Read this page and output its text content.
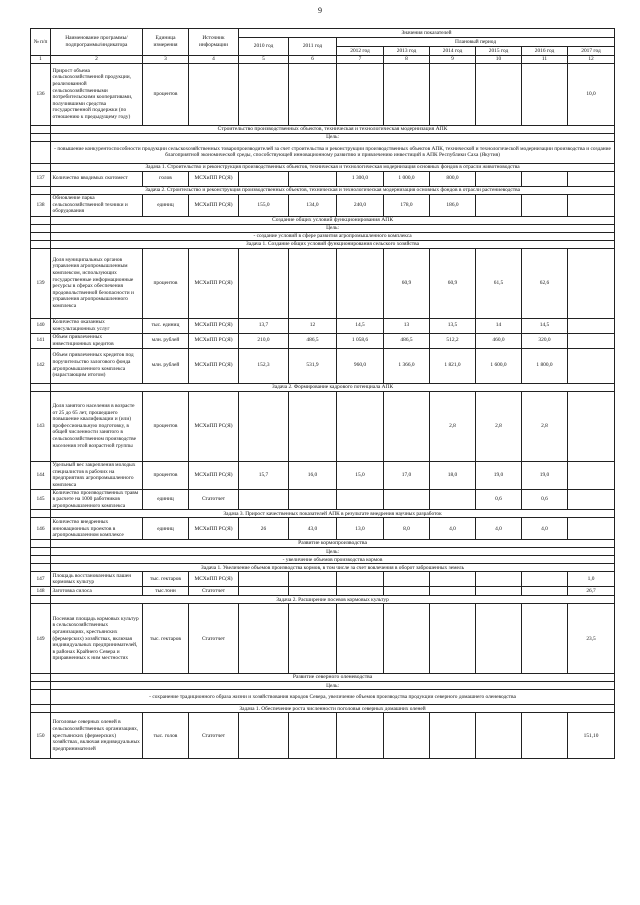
9
№ п/п	Наименование программы/подпрограммы/индикатора	Единица измерения	Источник информации	Значения показателей							
				2010 год	2011 год	Плановый период					
						2012 год	2013 год	2014 год	2015 год	2016 год	2017 год
1	2	3	4	5	6	7	8	9	10	11	12
136	Прирост объема сельскохозяйственной продукции, реализованной сельскохозяйственными потребительскими кооперативами, получившими средства государственной поддержки (по отношению к предыдущему году)	процентов									10,0
	Строительство производственных объектов, техническая и технологическая модернизация АПК										
	Цель:										
	- повышение конкурентоспособности продукции сельскохозяйственных товаропроизводителей за счет строительства и реконструкции производственных объектов АПК, технической и технологической модернизации производства и создание благоприятной экономической среды, способствующей инновационному развитию и привлечению инвестиций в АПК Республики Саха (Якутия)										
	Задача 1. Строительство и реконструкция производственных объектов, техническая и технологическая модернизация основных фондов в отрасли животноводства										
137	Количество вводимых скотомест	голов	МСХиПП РС(Я)			1 300,0	1 000,0	800,0			
	Задача 2. Строительство и реконструкция производственных объектов, техническая и технологическая модернизация основных фондов в отрасли растениеводства										
138	Обновление парка сельскохозяйственной техники и оборудования	единиц	МСХиПП РС(Я)	155,0	134,0	240,0	178,0	186,0			
	Создание общих условий функционирования АПК										
	Цель:										
	- создание условий в сфере развития агропромышленного комплекса										
	Задача 1. Создание общих условий функционирования сельского хозяйства										
139	Доля муниципальных органов управления агропромышленным комплексом, использующих государственные информационные ресурсы в сферах обеспечения продовольственной безопасности и управления агропромышленного комплекса	процентов	МСХиПП РС(Я)				60,9	60,9	61,5	62,6	
140	Количество оказанных консультационных услуг	тыс. единиц	МСХиПП РС(Я)	13,7	12	14,5	13	13,5	14	14,5	
141	Объем привлеченных инвестиционных кредитов	млн. рублей	МСХиПП РС(Я)	210,0	486,5	1 058,6	486,5	512,2	460,0	320,0	
142	Объем привлеченных кредитов под поручительство залогового фонда агропромышленного комплекса (нарастающим итогом)	млн. рублей	МСХиПП РС(Я)	152,3	531,9	960,0	1 366,0	1 821,0	1 600,0	1 800,0	
	Задача 2. Формирование кадрового потенциала АПК										
143	Доля занятого населения в возрасте от 25 до 65 лет, прошедшего повышение квалификации и (или) профессиональную подготовку, в общей численности занятого в сельскохозяйственном производстве населения этой возрастной группы	процентов	МСХиПП РС(Я)					2,8	2,8	2,8	
144	Удельный вес закрепления молодых специалистов в рабочих на предприятиях агропромышленного комплекса	процентов	МСХиПП РС(Я)	15,7	16,0	15,0	17,0	18,0	19,0	19,0	
145	Количество производственных травм в расчете на 1000 работников агропромышленного комплекса	единиц	Статотчет						0,6	0,6	
	Задача 3. Прирост качественных показателей АПК в результате внедрения научных разработок										
146	Количество внедренных инновационных проектов в агропромышленном комплексе	единиц	МСХиПП РС(Я)	26	43,0	13,0	8,0	4,0	4,0	4,0	
	Развитие кормопроизводства										
	Цель:										
	- увеличение объемов производства кормов										
	Задача 1. Увеличение объемов производства кормов, в том числе за счет вовлечения в оборот заброшенных земель										
147	Площадь восстановленных пашен кормовых культур	тыс. гектаров	МСХиПП РС(Я)								1,0
148	Заготовка силоса	тыс.тонн	Статотчет								26,7
	Задача 2. Расширение посевов кормовых культур										
149	Посевная площадь кормовых культур в сельскохозяйственных организациях, крестьянских (фермерских) хозяйствах, включая индивидуальных предпринимателей, в районах Крайнего Севера и приравненных к ним местностях	тыс. гектаров	Статотчет								23,5
	Развитие северного оленеводства										
	Цель:										
	- сохранение традиционного образа жизни и хозяйствования народов Севера, увеличение объемов производства продукции северного домашнего оленеводства										
	Задача 1. Обеспечение роста численности поголовья северных домашних оленей										
150	Поголовье северных оленей в сельскохозяйственных организациях, крестьянских (фермерских) хозяйствах, включая индивидуальных предпринимателей	тыс. голов	Статотчет								151,10
